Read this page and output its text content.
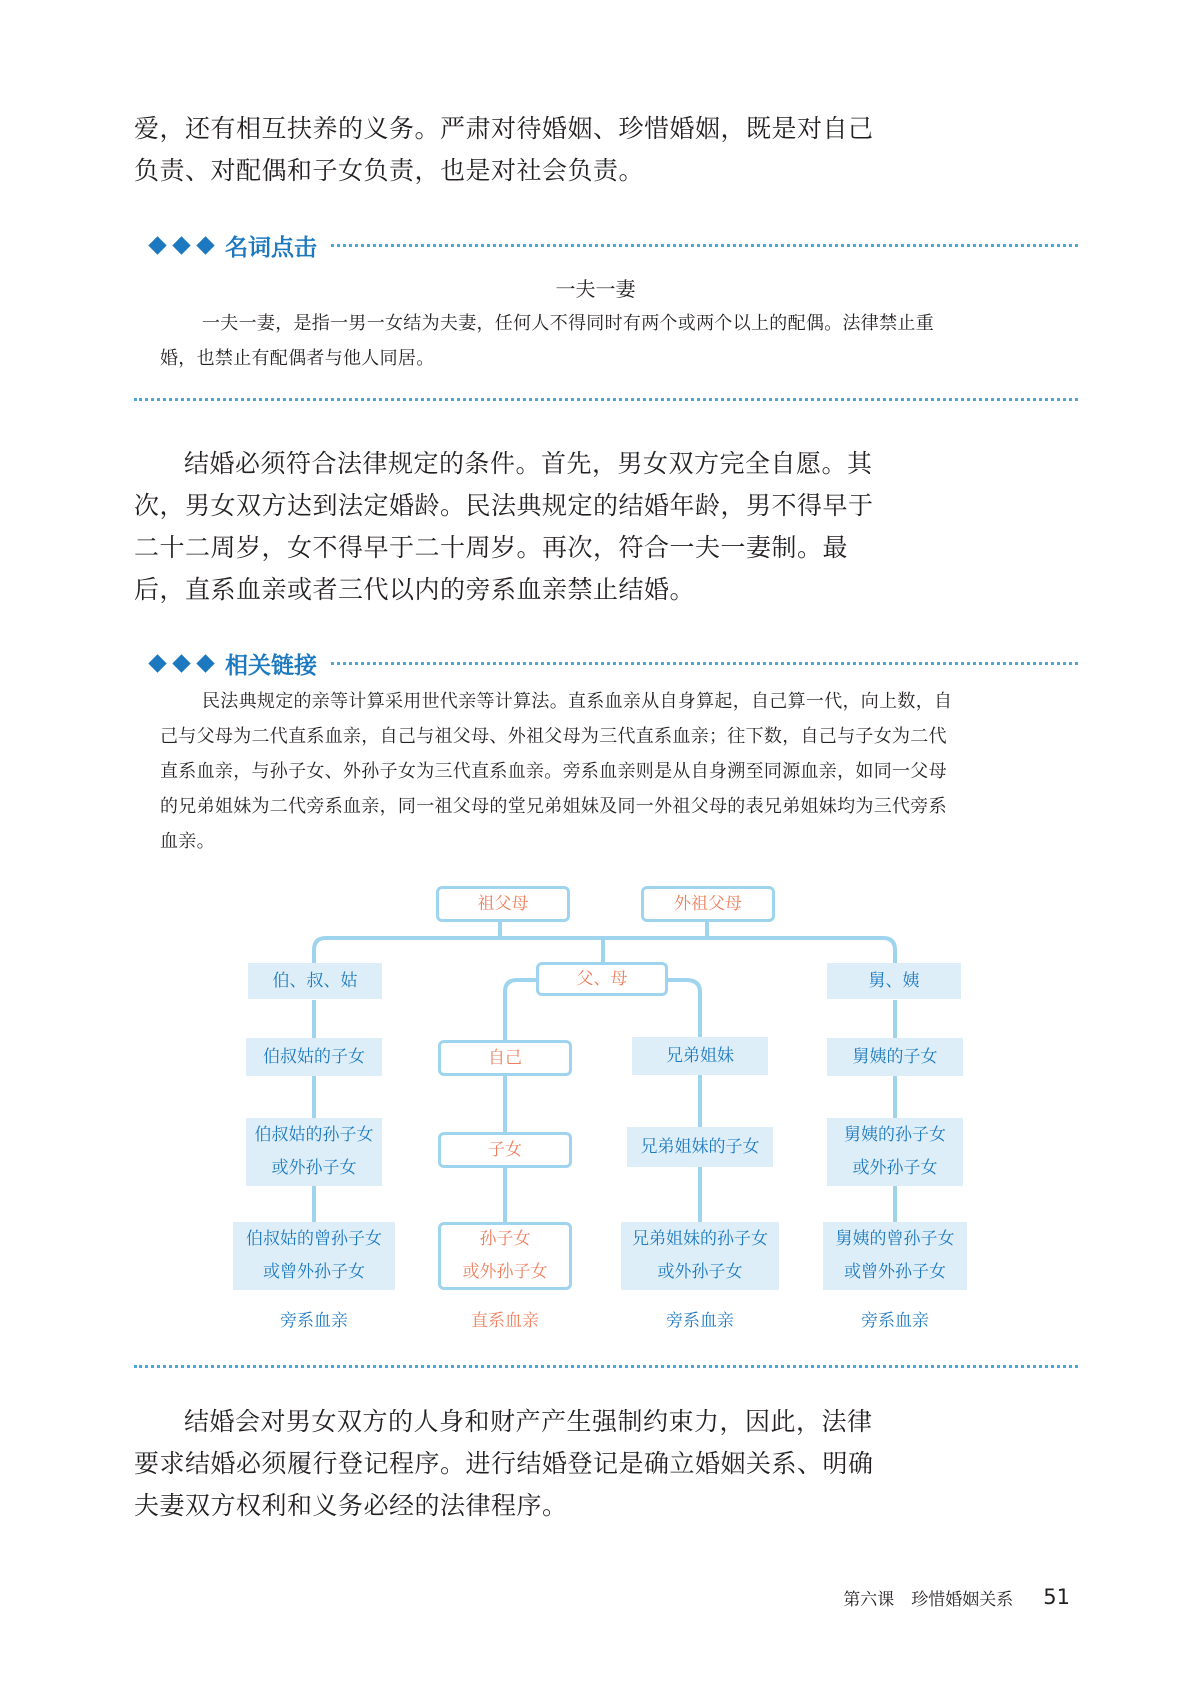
爱，还有相互扶养的义务。严肃对待婚姻、珍惜婚姻，既是对自己
负责、对配偶和子女负责，也是对社会负责。

名词点击
一夫一妻

一夫一妻，是指一男一女结为夫妻，任何人不得同时有两个或两个以上的配偶。法律禁止重
婚，也禁止有配偶者与他人同居。

结婚必须符合法律规定的条件。首先，男女双方完全自愿。其
次，男女双方达到法定婚龄。民法典规定的结婚年龄，男不得早于
二十二周岁，女不得早于二十周岁。再次，符合一夫一妻制。最
后，直系血亲或者三代以内的旁系血亲禁止结婚。

相关链接

民法典规定的亲等计算采用世代亲等计算法。直系血亲从自身算起，自己算一代，向上数，自
己与父母为二代直系血亲，自己与祖父母、外祖父母为三代直系血亲；往下数，自己与子女为二代
直系血亲，与孙子女、外孙子女为三代直系血亲。旁系血亲则是从自身溯至同源血亲，如同一父母
的兄弟姐妹为二代旁系血亲，同一祖父母的堂兄弟姐妹及同一外祖父母的表兄弟姐妹均为三代旁系
血亲。

祖父母	外祖父母
伯、叔、姑	父、母	舅、姨
伯叔姑的子女	自己	兄弟姐妹	舅姨的子女
伯叔姑的孙子女
或外孙子女
子女	兄弟姐妹的子女
舅姨的孙子女
或外孙子女
伯叔姑的曾孙子女
或曾外孙子女
孙子女
或外孙子女
兄弟姐妹的孙子女
或外孙子女
舅姨的曾孙子女
或曾外孙子女
旁系血亲	直系血亲	旁系血亲	旁系血亲

结婚会对男女双方的人身和财产产生强制约束力，因此，法律
要求结婚必须履行登记程序。进行结婚登记是确立婚姻关系、明确
夫妻双方权利和义务必经的法律程序。

第六课　珍惜婚姻关系 51
